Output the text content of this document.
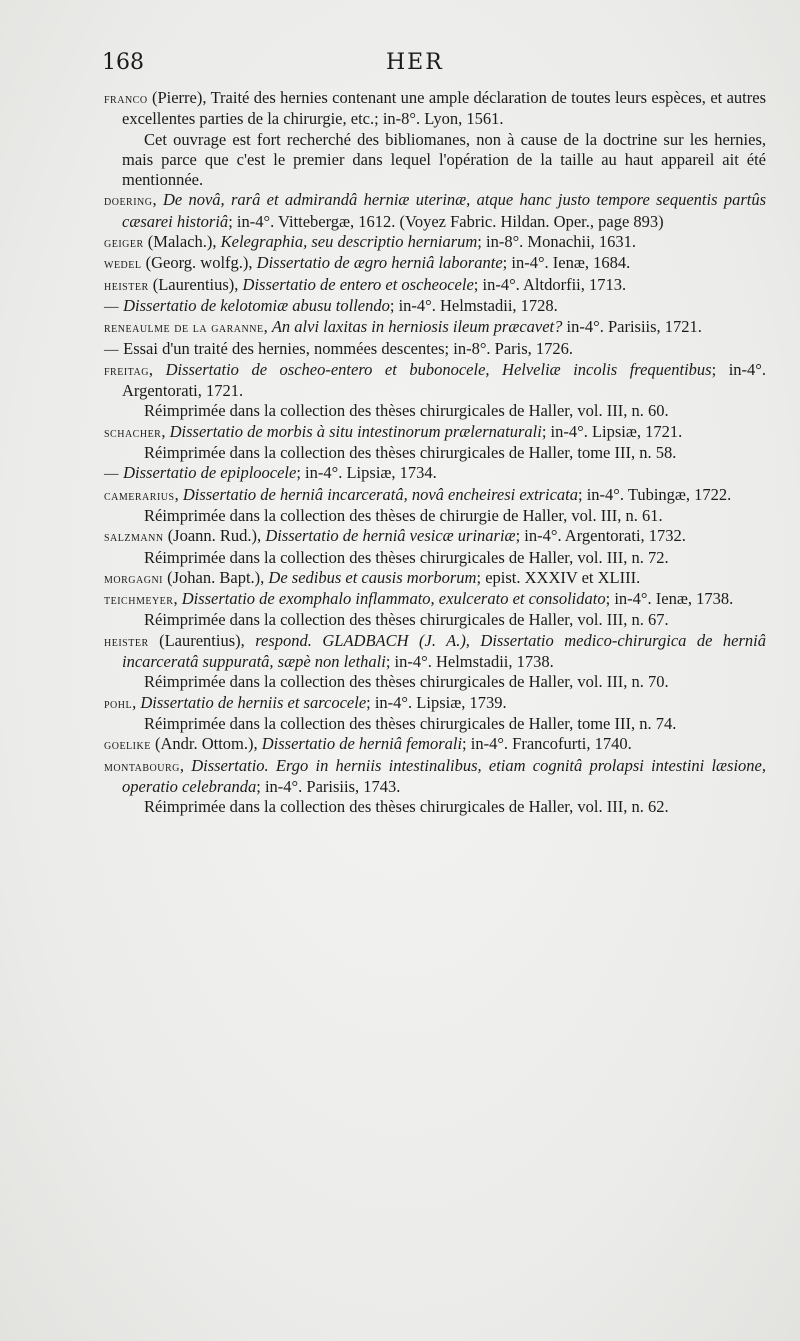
168	HER

franco (Pierre), Traité des hernies contenant une ample déclaration de toutes leurs espèces, et autres excellentes parties de la chirurgie, etc.; in-8°. Lyon, 1561.

Cet ouvrage est fort recherché des bibliomanes, non à cause de la doctrine sur les hernies, mais parce que c'est le premier dans lequel l'opération de la taille au haut appareil ait été mentionnée.

doering, De novâ, rarâ et admirandâ herniæ uterinæ, atque hanc justo tempore sequentis partûs cæsarei historiâ; in-4°. Vittebergæ, 1612. (Voyez Fabric. Hildan. Oper., page 893)

geiger (Malach.), Kelegraphia, seu descriptio herniarum; in-8°. Monachii, 1631.

wedel (Georg. wolfg.), Dissertatio de ægro herniâ laborante; in-4°. Ienæ, 1684.

heister (Laurentius), Dissertatio de entero et oscheocele; in-4°. Altdorfii, 1713.

— Dissertatio de kelotomiæ abusu tollendo; in-4°. Helmstadii, 1728.

reneaulme de la garanne, An alvi laxitas in herniosis ileum præcavet? in-4°. Parisiis, 1721.

— Essai d'un traité des hernies, nommées descentes; in-8°. Paris, 1726.

freitag, Dissertatio de oscheo-entero et bubonocele, Helveliæ incolis frequentibus; in-4°. Argentorati, 1721.

Réimprimée dans la collection des thèses chirurgicales de Haller, vol. III, n. 60.

schacher, Dissertatio de morbis à situ intestinorum prælernaturali; in-4°. Lipsiæ, 1721.

Réimprimée dans la collection des thèses chirurgicales de Haller, tome III, n. 58.

— Dissertatio de epiploocele; in-4°. Lipsiæ, 1734.

camerarius, Dissertatio de herniâ incarceratâ, novâ encheiresi extricata; in-4°. Tubingæ, 1722.

Réimprimée dans la collection des thèses de chirurgie de Haller, vol. III, n. 61.

salzmann (Joann. Rud.), Dissertatio de herniâ vesicæ urinariæ; in-4°. Argentorati, 1732.

Réimprimée dans la collection des thèses chirurgicales de Haller, vol. III, n. 72.

morgagni (Johan. Bapt.), De sedibus et causis morborum; epist. XXXIV et XLIII.

teichmeyer, Dissertatio de exomphalo inflammato, exulcerato et consolidato; in-4°. Ienæ, 1738.

Réimprimée dans la collection des thèses chirurgicales de Haller, vol. III, n. 67.

heister (Laurentius), respond. GLADBACH (J. A.), Dissertatio medico-chirurgica de herniâ incarceratâ suppuratâ, sæpè non lethali; in-4°. Helmstadii, 1738.

Réimprimée dans la collection des thèses chirurgicales de Haller, vol. III, n. 70.

pohl, Dissertatio de herniis et sarcocele; in-4°. Lipsiæ, 1739.

Réimprimée dans la collection des thèses chirurgicales de Haller, tome III, n. 74.

goelike (Andr. Ottom.), Dissertatio de herniâ femorali; in-4°. Francofurti, 1740.

montabourg, Dissertatio. Ergo in herniis intestinalibus, etiam cognitâ prolapsi intestini læsione, operatio celebranda; in-4°. Parisiis, 1743.

Réimprimée dans la collection des thèses chirurgicales de Haller, vol. III, n. 62.
